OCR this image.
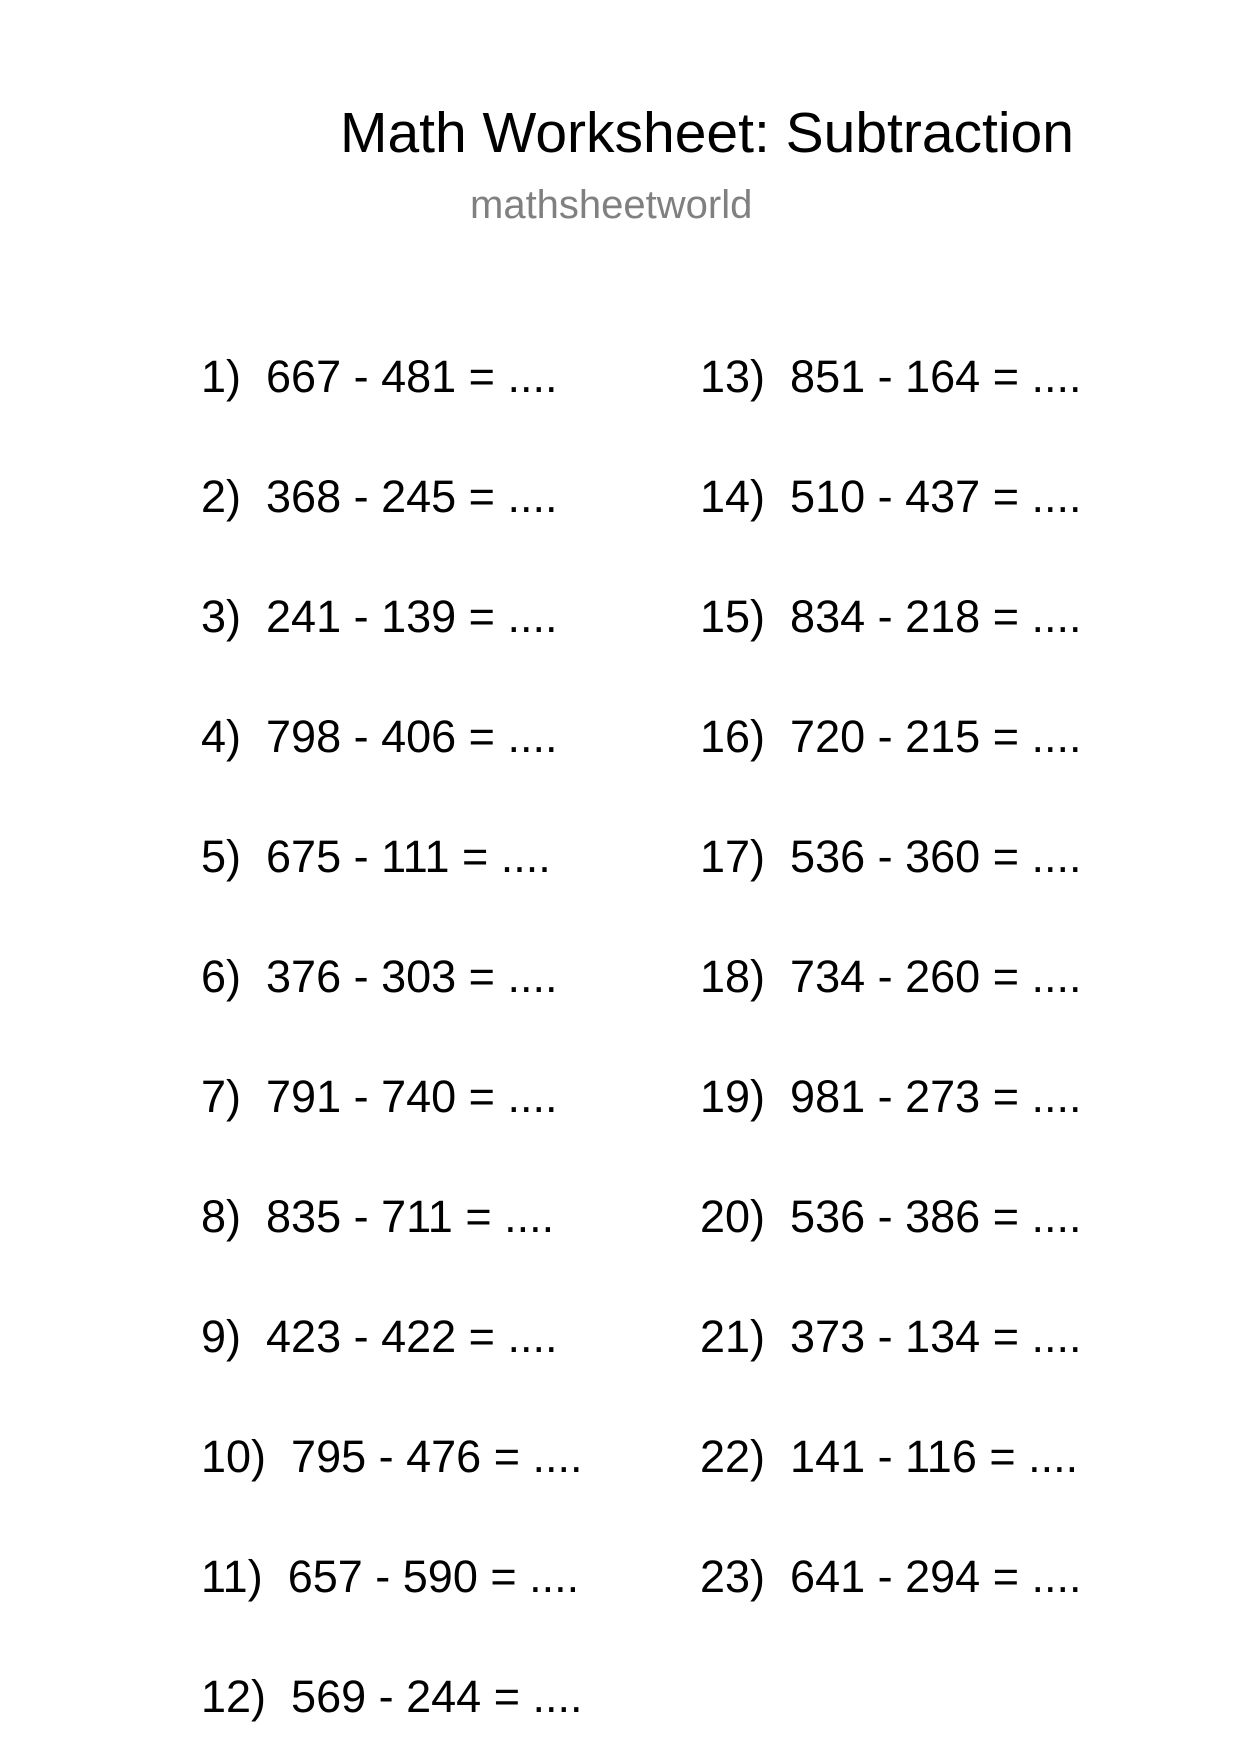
Math Worksheet: Subtraction
mathsheetworld
1)  667 - 481 = ....
2)  368 - 245 = ....
3)  241 - 139 = ....
4)  798 - 406 = ....
5)  675 - 111 = ....
6)  376 - 303 = ....
7)  791 - 740 = ....
8)  835 - 711 = ....
9)  423 - 422 = ....
10)  795 - 476 = ....
11)  657 - 590 = ....
12)  569 - 244 = ....
13)  851 - 164 = ....
14)  510 - 437 = ....
15)  834 - 218 = ....
16)  720 - 215 = ....
17)  536 - 360 = ....
18)  734 - 260 = ....
19)  981 - 273 = ....
20)  536 - 386 = ....
21)  373 - 134 = ....
22)  141 - 116 = ....
23)  641 - 294 = ....
